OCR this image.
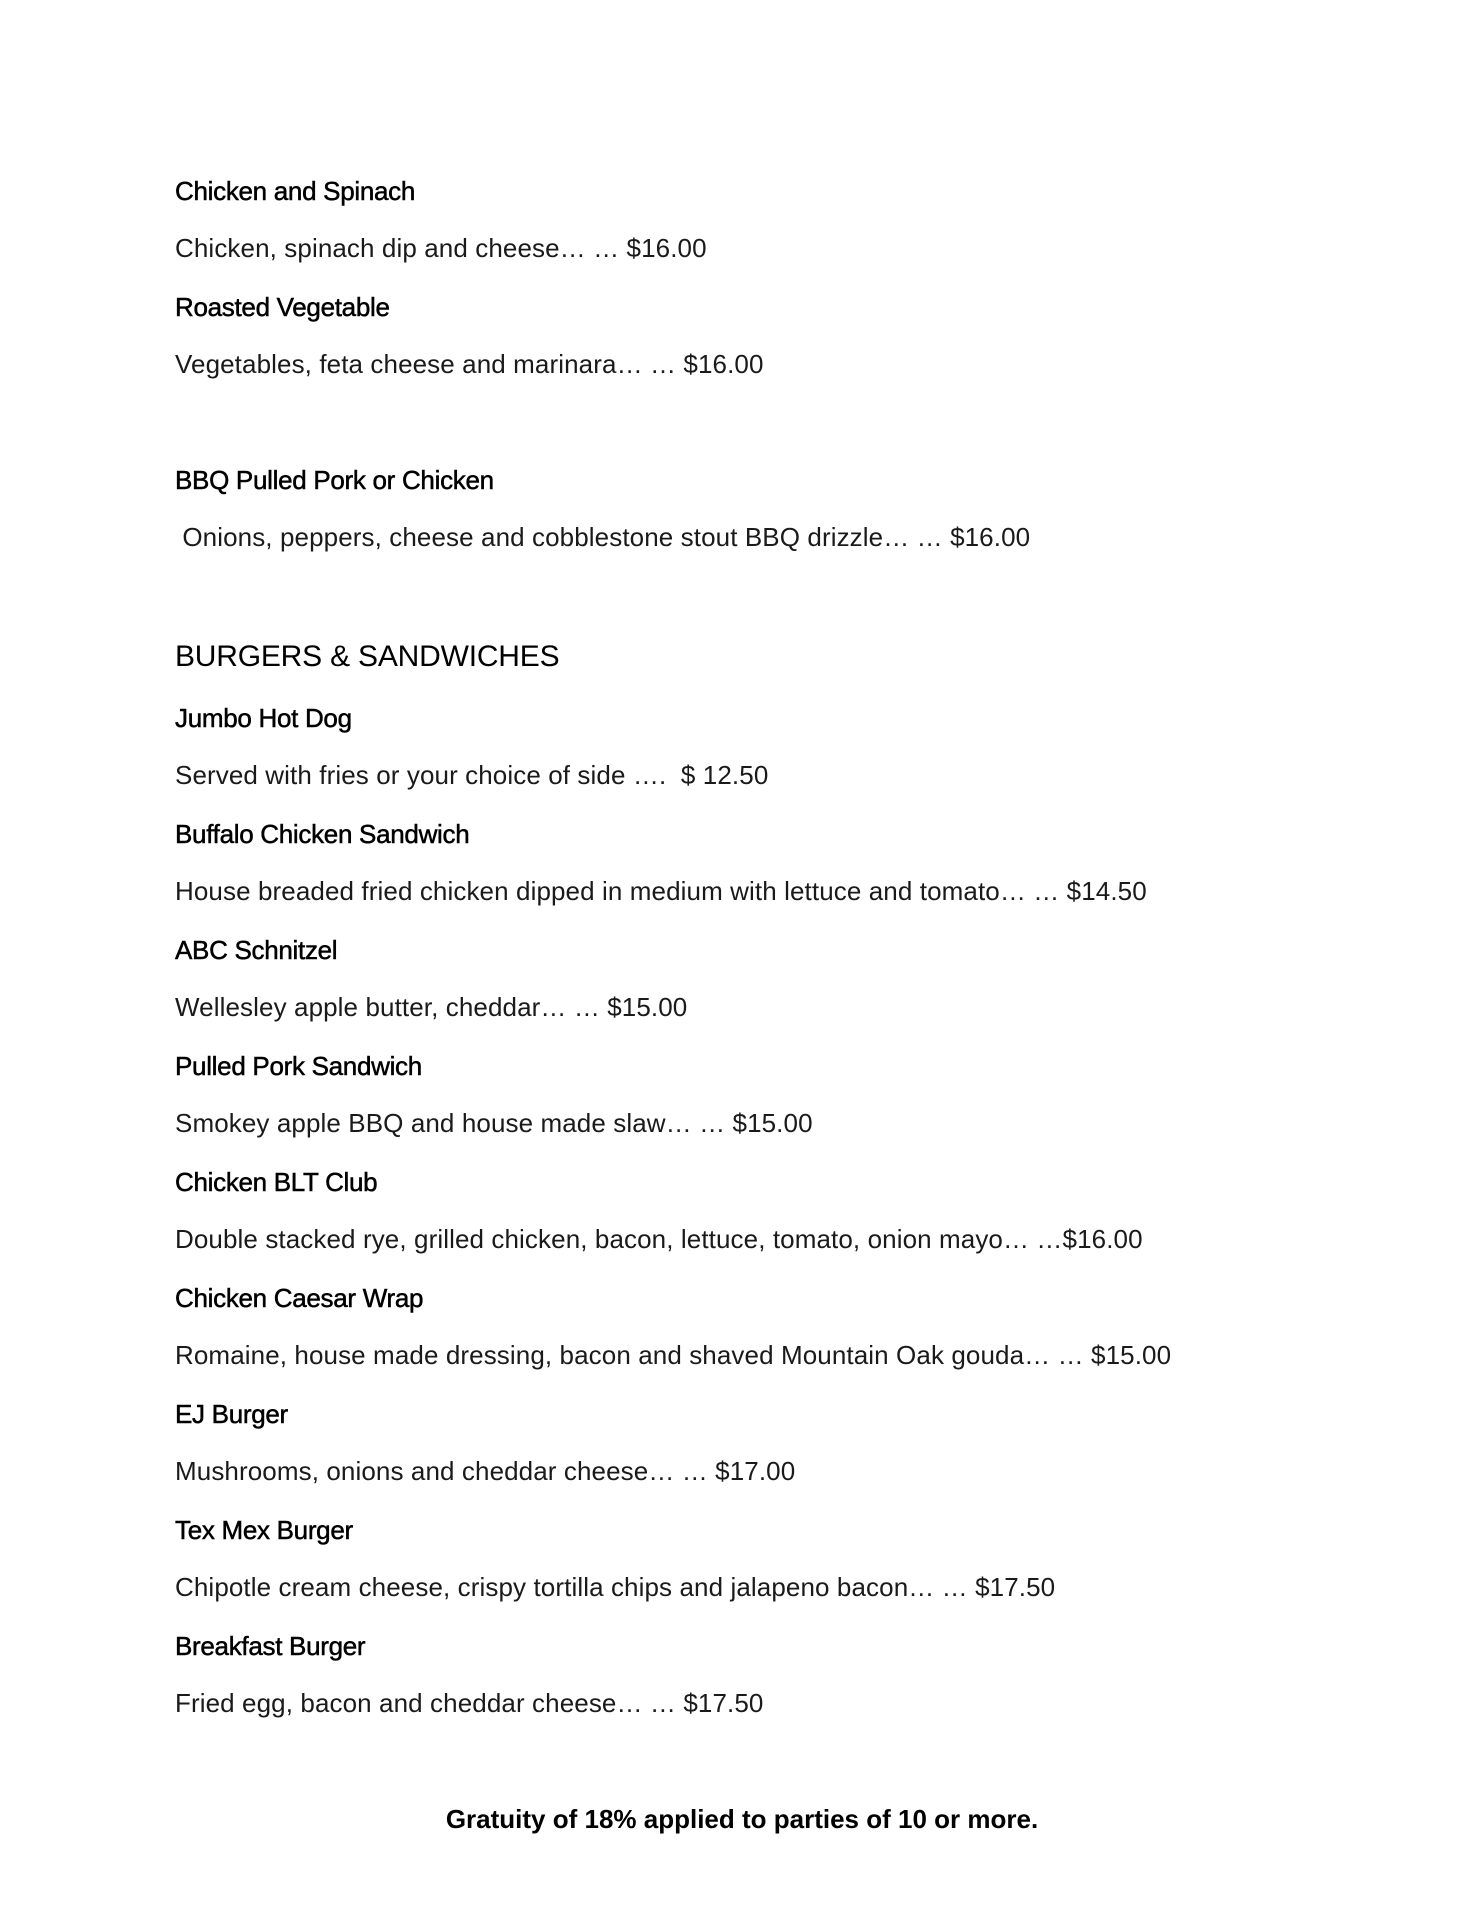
Chicken and Spinach
Chicken, spinach dip and cheese… … $16.00
Roasted Vegetable
Vegetables, feta cheese and marinara… … $16.00
BBQ Pulled Pork or Chicken
Onions, peppers, cheese and cobblestone stout BBQ drizzle… … $16.00
BURGERS & SANDWICHES
Jumbo Hot Dog
Served with fries or your choice of side ….  $ 12.50
Buffalo Chicken Sandwich
House breaded fried chicken dipped in medium with lettuce and tomato… … $14.50
ABC Schnitzel
Wellesley apple butter, cheddar… … $15.00
Pulled Pork Sandwich
Smokey apple BBQ and house made slaw… … $15.00
Chicken BLT Club
Double stacked rye, grilled chicken, bacon, lettuce, tomato, onion mayo… …$16.00
Chicken Caesar Wrap
Romaine, house made dressing, bacon and shaved Mountain Oak gouda… … $15.00
EJ Burger
Mushrooms, onions and cheddar cheese… … $17.00
Tex Mex Burger
Chipotle cream cheese, crispy tortilla chips and jalapeno bacon… … $17.50
Breakfast Burger
Fried egg, bacon and cheddar cheese… … $17.50
Gratuity of 18% applied to parties of 10 or more.
